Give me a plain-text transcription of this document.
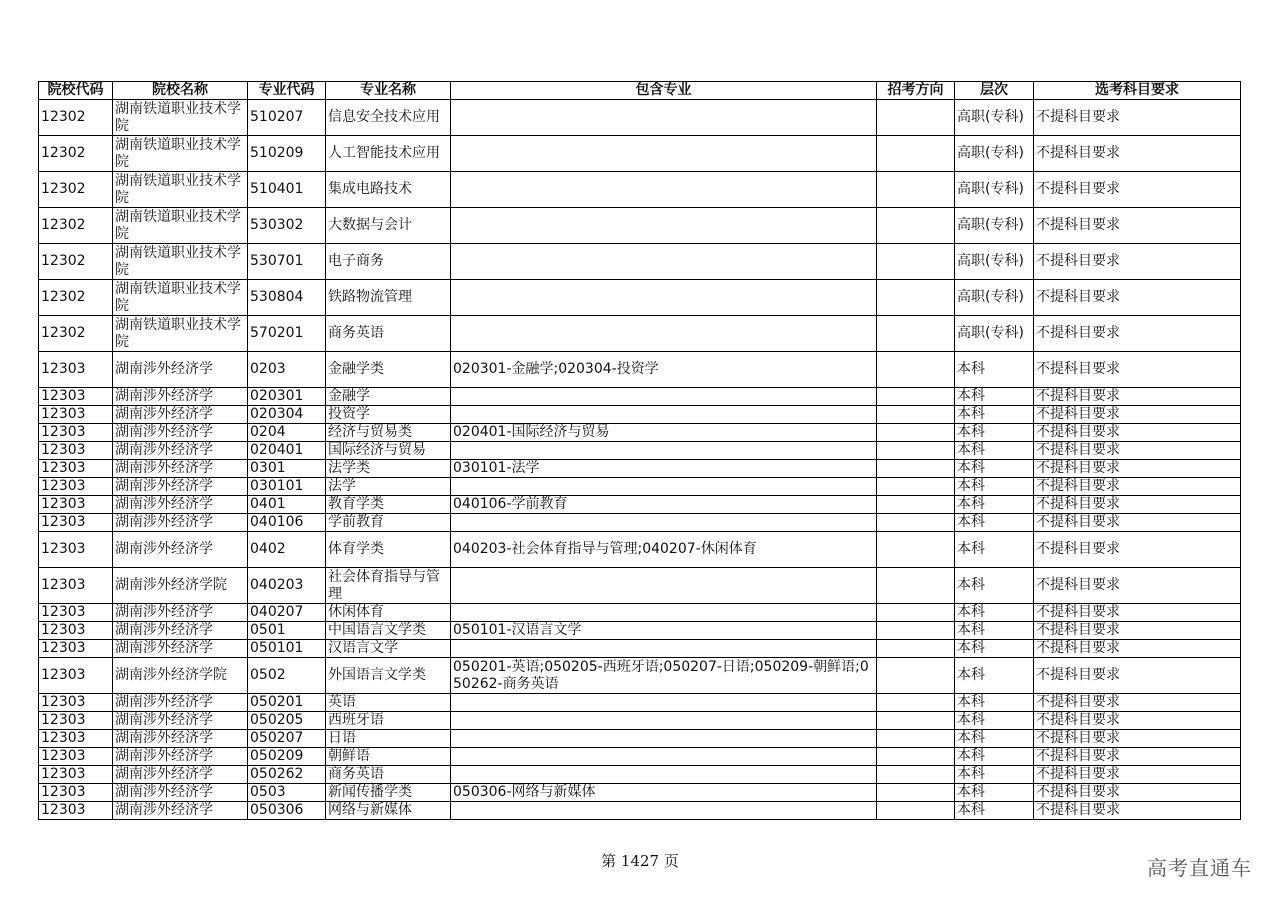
院校代码	院校名称	专业代码	专业名称	包含专业	招考方向	层次	选考科目要求
12302	湖南铁道职业技术学院	510207	信息安全技术应用			高职(专科)	不提科目要求
12302	湖南铁道职业技术学院	510209	人工智能技术应用			高职(专科)	不提科目要求
12302	湖南铁道职业技术学院	510401	集成电路技术			高职(专科)	不提科目要求
12302	湖南铁道职业技术学院	530302	大数据与会计			高职(专科)	不提科目要求
12302	湖南铁道职业技术学院	530701	电子商务			高职(专科)	不提科目要求
12302	湖南铁道职业技术学院	530804	铁路物流管理			高职(专科)	不提科目要求
12302	湖南铁道职业技术学院	570201	商务英语			高职(专科)	不提科目要求
12303	湖南涉外经济学	0203	金融学类	020301-金融学;020304-投资学		本科	不提科目要求
12303	湖南涉外经济学	020301	金融学			本科	不提科目要求
12303	湖南涉外经济学	020304	投资学			本科	不提科目要求
12303	湖南涉外经济学	0204	经济与贸易类	020401-国际经济与贸易		本科	不提科目要求
12303	湖南涉外经济学	020401	国际经济与贸易			本科	不提科目要求
12303	湖南涉外经济学	0301	法学类	030101-法学		本科	不提科目要求
12303	湖南涉外经济学	030101	法学			本科	不提科目要求
12303	湖南涉外经济学	0401	教育学类	040106-学前教育		本科	不提科目要求
12303	湖南涉外经济学	040106	学前教育			本科	不提科目要求
12303	湖南涉外经济学	0402	体育学类	040203-社会体育指导与管理;040207-休闲体育		本科	不提科目要求
12303	湖南涉外经济学院	040203	社会体育指导与管理			本科	不提科目要求
12303	湖南涉外经济学	040207	休闲体育			本科	不提科目要求
12303	湖南涉外经济学	0501	中国语言文学类	050101-汉语言文学		本科	不提科目要求
12303	湖南涉外经济学	050101	汉语言文学			本科	不提科目要求
12303	湖南涉外经济学院	0502	外国语言文学类	050201-英语;050205-西班牙语;050207-日语;050209-朝鲜语;050262-商务英语		本科	不提科目要求
12303	湖南涉外经济学	050201	英语			本科	不提科目要求
12303	湖南涉外经济学	050205	西班牙语			本科	不提科目要求
12303	湖南涉外经济学	050207	日语			本科	不提科目要求
12303	湖南涉外经济学	050209	朝鲜语			本科	不提科目要求
12303	湖南涉外经济学	050262	商务英语			本科	不提科目要求
12303	湖南涉外经济学	0503	新闻传播学类	050306-网络与新媒体		本科	不提科目要求
12303	湖南涉外经济学	050306	网络与新媒体			本科	不提科目要求
第 1427 页	高考直通车
